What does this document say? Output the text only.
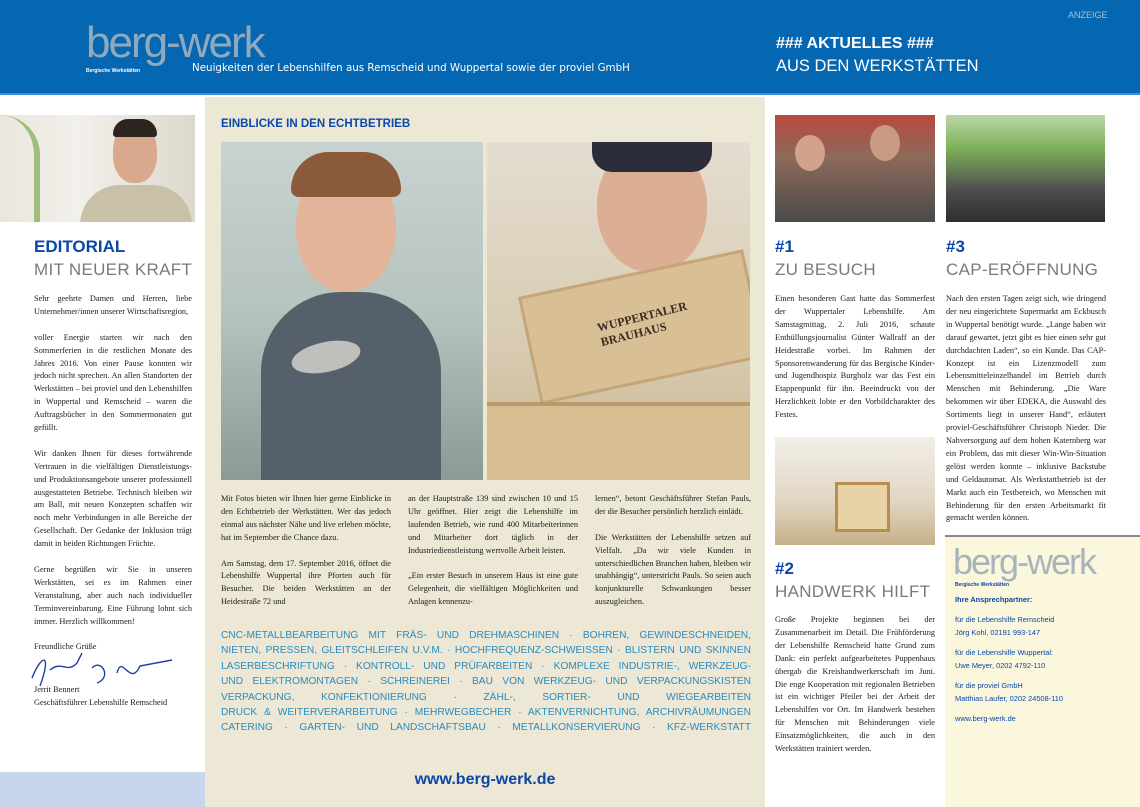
berg-werk
Bergische Werkstätten	Neuigkeiten der Lebenshilfen aus Remscheid und Wuppertal sowie der proviel GmbH
ANZEIGE
### AKTUELLES ###
AUS DEN WERKSTÄTTEN
EDITORIAL
MIT NEUER KRAFT

Sehr geehrte Damen und Herren, liebe Unternehmer/innen unserer Wirtschaftsregion,

voller Energie starten wir nach den Sommerferien in die restlichen Monate des Jahres 2016. Von einer Pause konnten wir jedoch nicht sprechen. An allen Standorten der Werkstätten – bei proviel und den Lebenshilfen in Wuppertal und Remscheid – waren die Auftragsbücher in den Sommermonaten gut gefüllt.

Wir danken Ihnen für dieses fortwährende Vertrauen in die vielfältigen Dienstleistungs- und Produktionsangebote unserer professionell ausgestatteten Betriebe. Technisch bleiben wir am Ball, mit neuen Konzepten schaffen wir noch mehr Verbindungen in alle Bereiche der Gesellschaft. Der Gedanke der Inklusion trägt damit in beiden Richtungen Früchte.

Gerne begrüßen wir Sie in unseren Werkstätten, sei es im Rahmen einer Veranstaltung, aber auch nach individueller Terminvereinbarung. Eine Führung lohnt sich immer. Herzlich willkommen!

Freundliche Grüße
Jerrit Bennert
Geschäftsführer Lebenshilfe Remscheid
EINBLICKE IN DEN ECHTBETRIEB
WUPPERTALER BRAUHAUS

Mit Fotos bieten wir Ihnen hier gerne Einblicke in den Echtbetrieb der Werkstätten. Wer das jedoch einmal aus nächster Nähe und live erleben möchte, hat im September die Chance dazu.

Am Samstag, dem 17. September 2016, öffnet die Lebenshilfe Wuppertal ihre Pforten auch für Besucher. Die beiden Werkstätten an der Heidestraße 72 und

an der Hauptstraße 139 sind zwischen 10 und 15 Uhr geöffnet. Hier zeigt die Lebenshilfe im laufenden Betrieb, wie rund 400 Mitarbeiterinnen und Mitarbeiter dort täglich in der Industriedienstleistung wertvolle Arbeit leisten.

„Ein erster Besuch in unserem Haus ist eine gute Gelegenheit, die vielfältigen Möglichkeiten und Anlagen kennenzu-

lernen“, betont Geschäftsführer Stefan Pauls, der die Besucher persönlich herzlich einlädt.

Die Werkstätten der Lebenshilfe setzen auf Vielfalt. „Da wir viele Kunden in unterschiedlichen Branchen haben, bleiben wir unabhängig“, unterstricht Pauls. So seien auch konjunkturelle Schwankungen besser auszugleichen.

CNC-METALLBEARBEITUNG MIT FRÄS- UND DREHMASCHINEN · BOHREN, GEWINDESCHNEIDEN,
NIETEN, PRESSEN, GLEITSCHLEIFEN U.V.M. · HOCHFREQUENZ-SCHWEISSEN · BLISTERN UND SKINNEN
LASERBESCHRIFTUNG · KONTROLL- UND PRÜFARBEITEN · KOMPLEXE INDUSTRIE-, WERKZEUG-
UND ELEKTROMONTAGEN · SCHREINEREI · BAU VON WERKZEUG- UND VERPACKUNGSKISTEN
VERPACKUNG, KONFEKTIONIERUNG · ZÄHL-, SORTIER- UND WIEGEARBEITEN
DRUCK & WEITERVERARBEITUNG · MEHRWEGBECHER · AKTENVERNICHTUNG, ARCHIVRÄUMUNGEN
CATERING · GARTEN- UND LANDSCHAFTSBAU · METALLKONSERVIERUNG · KFZ-WERKSTATT
www.berg-werk.de
#1
ZU BESUCH
Einen besonderen Gast hatte das Sommerfest der Wuppertaler Lebenshilfe. Am Samstagmittag, 2. Juli 2016, schaute Enthüllungsjournalist Günter Wallraff an der Heidestraße vorbei. Im Rahmen der Sponsorenwanderung für das Bergische Kinder- und Jugendhospiz Burgholz war das Fest ein Etappenpunkt für ihn. Beeindruckt von der Herzlichkeit lobte er den Vorbildcharakter des Festes.
#2
HANDWERK HILFT
Große Projekte beginnen bei der Zusammenarbeit im Detail. Die Frühförderung der Lebenshilfe Remscheid hatte Grund zum Dank: ein perfekt aufgearbeitetes Puppenhaus übergab die Kreishandwerkerschaft im Juni. Die enge Kooperation mit regionalen Betrieben ist ein wichtiger Pfeiler bei der Arbeit der Lebenshilfen vor Ort. Im Handwerk bestehen für Menschen mit Behinderungen viele Einsatzmöglichkeiten, die auch in den Werkstätten trainiert werden.
#3
CAP-ERÖFFNUNG
Nach den ersten Tagen zeigt sich, wie dringend der neu eingerichtete Supermarkt am Eckbusch in Wuppertal benötigt wurde. „Lange haben wir darauf gewartet, jetzt gibt es hier einen sehr gut durchdachten Laden“, so ein Kunde. Das CAP-Konzept ist ein Lizenzmodell zum Lebensmitteleinzelhandel im Betrieb durch Menschen mit Behinderung. „Die Ware bekommen wir über EDEKA, die Auswahl des Sortiments liegt in unserer Hand“, erläutert proviel-Geschäftsführer Christoph Nieder. Die Nahversorgung auf dem hohen Katernberg war ein Problem, das mit dieser Win-Win-Situation gelöst werden konnte – inklusive Backstube und Geldautomat. Als Werkstattbetrieb ist der Markt auch ein Testbereich, wo Menschen mit Behinderung für den ersten Arbeitsmarkt fit gemacht werden können.
berg-werk
Bergische Werkstätten
Ihre Ansprechpartner:
für die Lebenshilfe Remscheid
Jörg Kohl, 02191 993-147
für die Lebenshilfe Wuppertal:
Uwe Meyer, 0202 4792-110
für die proviel GmbH
Matthias Laufer, 0202 24508-110
www.berg-werk.de
